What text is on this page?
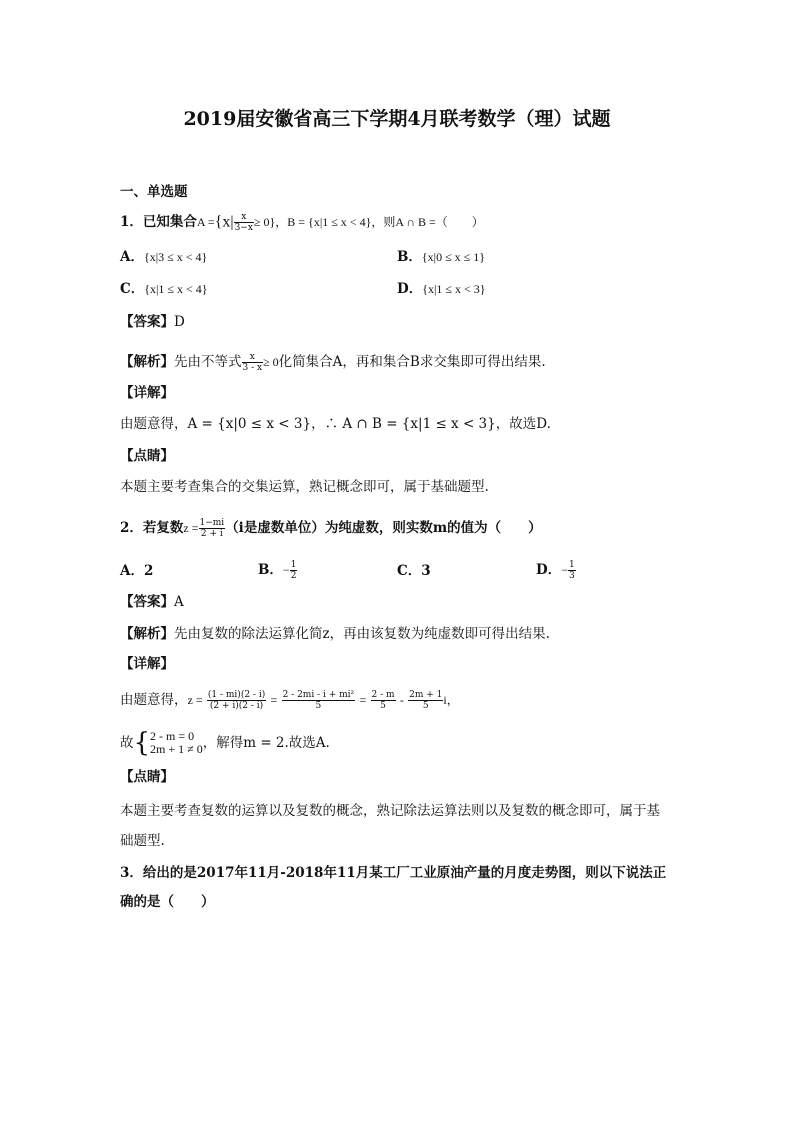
2019届安徽省高三下学期4月联考数学（理）试题
一、单选题
1．已知集合$A =\{x| \frac{x}{3-x} \ge 0\}$，B = {x|1 ≤ x < 4}，则A ∩ B =（　　）
A．{x|3 ≤ x < 4}	B．{x|0 ≤ x ≤ 1}
C．{x|1 ≤ x < 4}	D．{x|1 ≤ x < 3}
【答案】D
【解析】先由不等式 $\frac{x}{3 - x} \ge 0$化简集合A，再和集合B求交集即可得出结果.
【详解】
由题意得，A = {x|0 ≤ x < 3}，∴ A ∩ B = {x|1 ≤ x < 3}，故选D.
【点睛】
本题主要考查集合的交集运算，熟记概念即可，属于基础题型.
2．若复数$z = \frac{1-mi}{2 + i} (i$是虚数单位）为纯虚数，则实数m的值为（　　）
A．2	B．− $\frac{1}{2}$	C．3	D．− $\frac{1}{3}$
【答案】A
【解析】先由复数的除法运算化简z，再由该复数为纯虚数即可得出结果.
【详解】
由题意得，$z = \frac{(1 - mi)(2 - i)}{(2 + i)(2 - i)} = \frac{\text{2 - 2mi - i + mi²}}{5} = \frac{2 - m}{5} - \frac{2m + 1}{5}$ i，
故{ 2 - m = 0
2m + 1 ≠ 0 ，解得m = 2.故选A.
【点睛】
本题主要考查复数的运算以及复数的概念，熟记除法运算法则以及复数的概念即可，属于基
础题型.
3．给出的是2017年11月-2018年11月某工厂工业原油产量的月度走势图，则以下说法正
确的是（　　）
